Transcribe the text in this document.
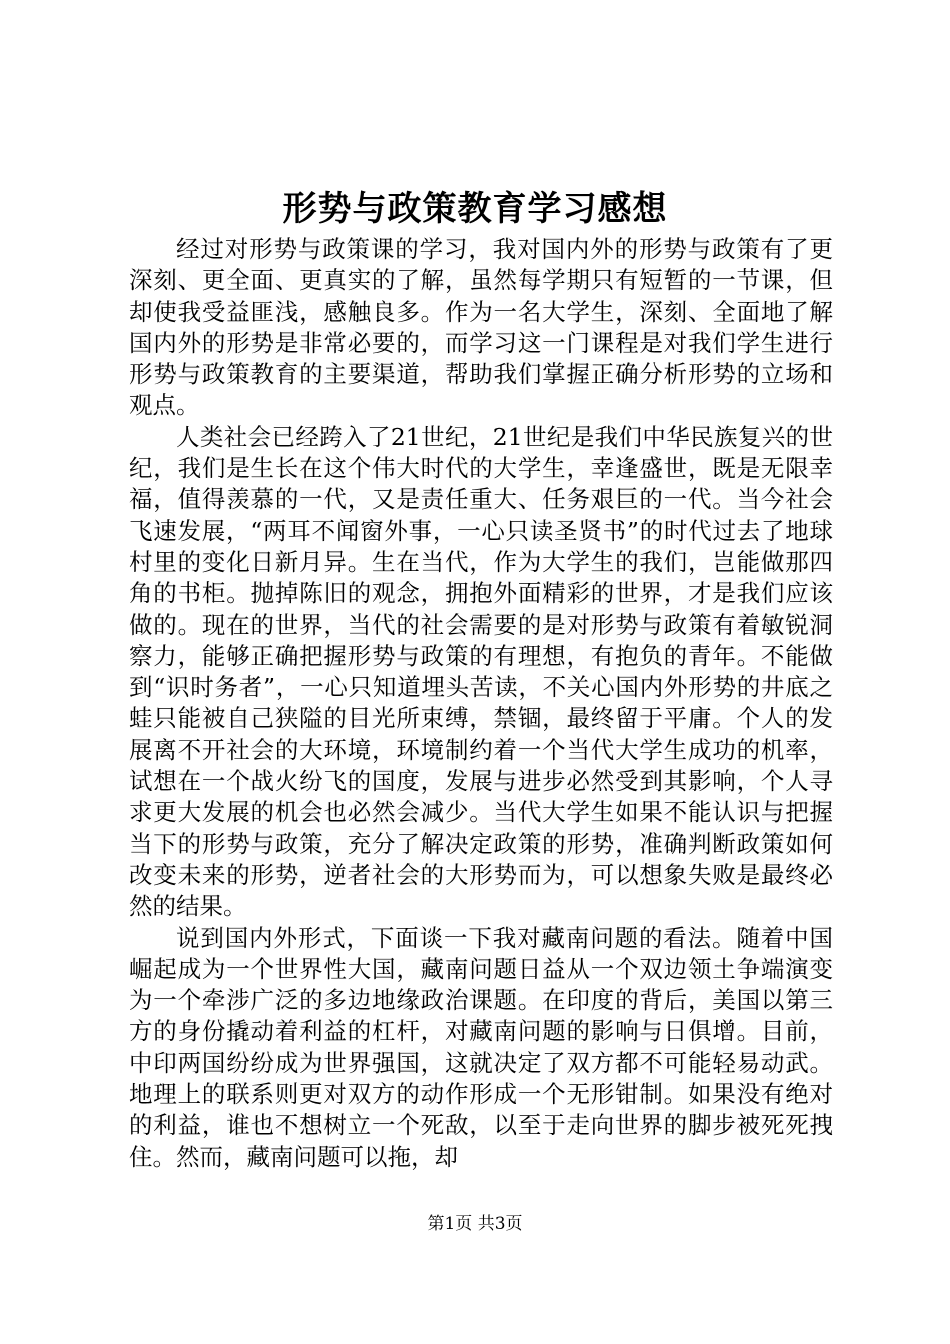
形势与政策教育学习感想

经过对形势与政策课的学习，我对国内外的形势与政策有了更深刻、更全面、更真实的了解，虽然每学期只有短暂的一节课，但却使我受益匪浅，感触良多。作为一名大学生，深刻、全面地了解国内外的形势是非常必要的，而学习这一门课程是对我们学生进行形势与政策教育的主要渠道，帮助我们掌握正确分析形势的立场和观点。

人类社会已经跨入了21世纪，21世纪是我们中华民族复兴的世纪，我们是生长在这个伟大时代的大学生，幸逢盛世，既是无限幸福，值得羡慕的一代，又是责任重大、任务艰巨的一代。当今社会飞速发展，“两耳不闻窗外事，一心只读圣贤书”的时代过去了地球村里的变化日新月异。生在当代，作为大学生的我们，岂能做那四角的书柜。抛掉陈旧的观念，拥抱外面精彩的世界，才是我们应该做的。现在的世界，当代的社会需要的是对形势与政策有着敏锐洞察力，能够正确把握形势与政策的有理想，有抱负的青年。不能做到“识时务者”，一心只知道埋头苦读，不关心国内外形势的井底之蛙只能被自己狭隘的目光所束缚，禁锢，最终留于平庸。个人的发展离不开社会的大环境，环境制约着一个当代大学生成功的机率，试想在一个战火纷飞的国度，发展与进步必然受到其影响，个人寻求更大发展的机会也必然会减少。当代大学生如果不能认识与把握当下的形势与政策，充分了解决定政策的形势，准确判断政策如何改变未来的形势，逆者社会的大形势而为，可以想象失败是最终必然的结果。

说到国内外形式，下面谈一下我对藏南问题的看法。随着中国崛起成为一个世界性大国，藏南问题日益从一个双边领土争端演变为一个牵涉广泛的多边地缘政治课题。在印度的背后，美国以第三方的身份撬动着利益的杠杆，对藏南问题的影响与日俱增。目前，中印两国纷纷成为世界强国，这就决定了双方都不可能轻易动武。地理上的联系则更对双方的动作形成一个无形钳制。如果没有绝对的利益，谁也不想树立一个死敌，以至于走向世界的脚步被死死拽住。然而，藏南问题可以拖，却

第1页 共3页
